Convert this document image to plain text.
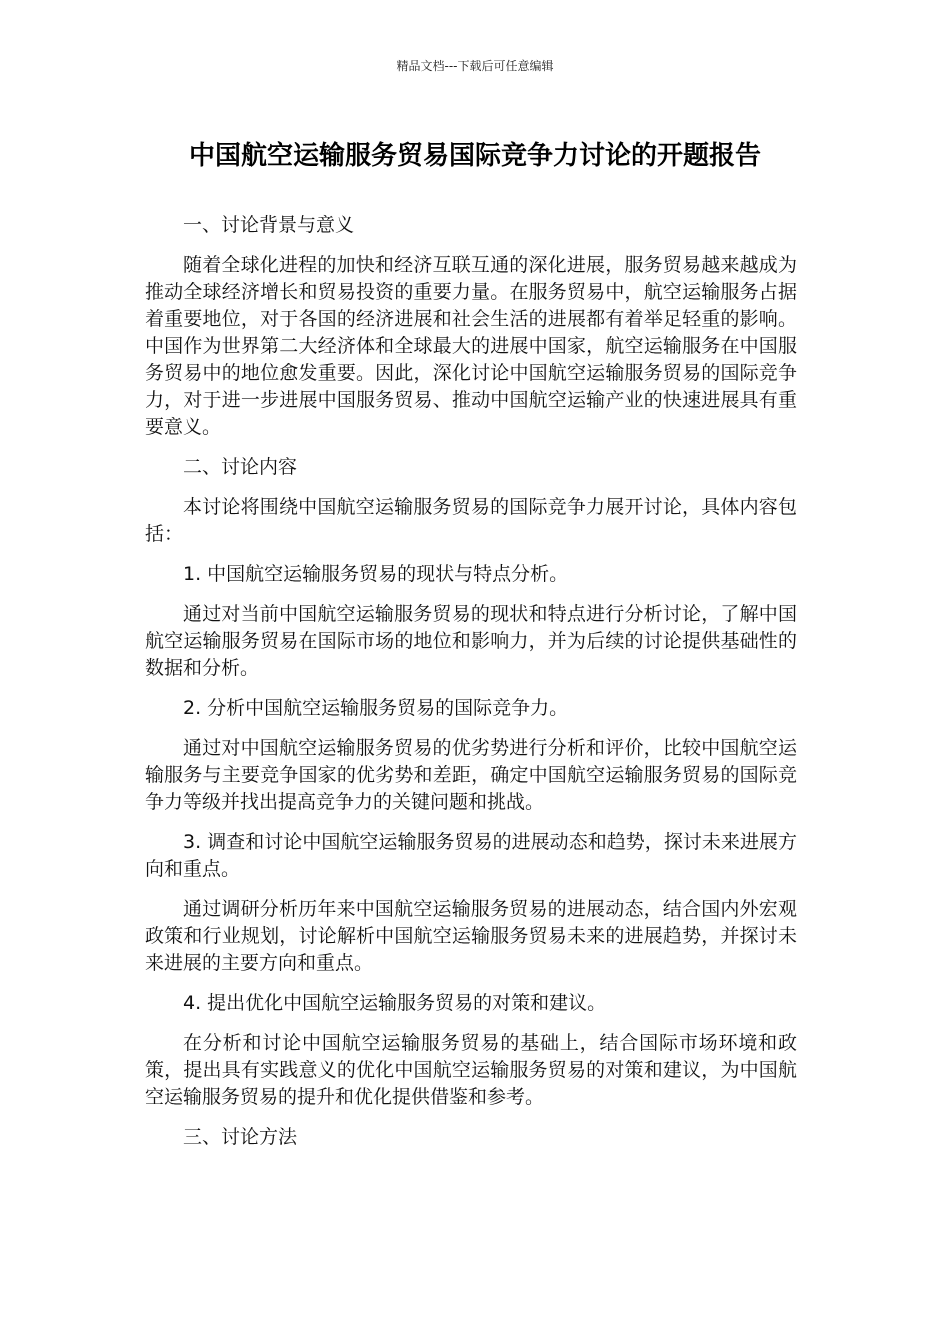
精品文档---下载后可任意编辑
中国航空运输服务贸易国际竞争力讨论的开题报告

一、讨论背景与意义

随着全球化进程的加快和经济互联互通的深化进展，服务贸易越来越成为推动全球经济增长和贸易投资的重要力量。在服务贸易中，航空运输服务占据着重要地位，对于各国的经济进展和社会生活的进展都有着举足轻重的影响。中国作为世界第二大经济体和全球最大的进展中国家，航空运输服务在中国服务贸易中的地位愈发重要。因此，深化讨论中国航空运输服务贸易的国际竞争力，对于进一步进展中国服务贸易、推动中国航空运输产业的快速进展具有重要意义。

二、讨论内容

本讨论将围绕中国航空运输服务贸易的国际竞争力展开讨论，具体内容包括：

1. 中国航空运输服务贸易的现状与特点分析。

通过对当前中国航空运输服务贸易的现状和特点进行分析讨论，了解中国航空运输服务贸易在国际市场的地位和影响力，并为后续的讨论提供基础性的数据和分析。

2. 分析中国航空运输服务贸易的国际竞争力。

通过对中国航空运输服务贸易的优劣势进行分析和评价，比较中国航空运输服务与主要竞争国家的优劣势和差距，确定中国航空运输服务贸易的国际竞争力等级并找出提高竞争力的关键问题和挑战。

3. 调查和讨论中国航空运输服务贸易的进展动态和趋势，探讨未来进展方向和重点。

通过调研分析历年来中国航空运输服务贸易的进展动态，结合国内外宏观政策和行业规划，讨论解析中国航空运输服务贸易未来的进展趋势，并探讨未来进展的主要方向和重点。

4. 提出优化中国航空运输服务贸易的对策和建议。

在分析和讨论中国航空运输服务贸易的基础上，结合国际市场环境和政策，提出具有实践意义的优化中国航空运输服务贸易的对策和建议，为中国航空运输服务贸易的提升和优化提供借鉴和参考。

三、讨论方法
